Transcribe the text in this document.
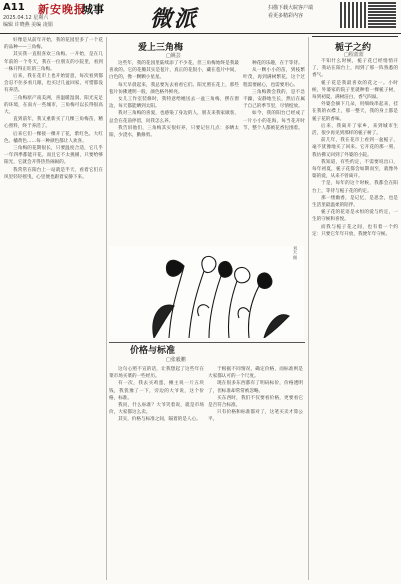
A11 新安晚报
城事
2025.04.12 星期六
编辑 许晓燕 美编 凌娟	微派	扫描下载大皖客户端
看更多精彩内容

好像是从前年开始，我的花园里多了一个花的品种——三角梅。

其实我一直很喜欢三角梅。一开始，是在几年前的一个冬天，我在一位朋友的小院里，看到一株开得正旺的三角梅。

后来，我在花市上也开始留意，每次看到都会忍不住多看几眼，也买过几盆回家，可惜都没有养活。

三角梅原产南美洲，喜温暖湿润、阳光充足的环境，在南方一些城市，三角梅可以长得很高大。

直到前年，我又重新买了几棵三角梅苗，精心照料，终于养活了。

后来它们一棵接一棵开了花，紫红色、大红色、橘黄色……每一种颜色都让人欢喜。

三角梅的花期很长，只要温度合适，它几乎一年四季都能开花。而且它不太挑剔，只要给够阳光，它就会开得热热闹闹的。

我常常在阳台上一站就是半天，看着它们在风里轻轻摇曳，心里便也跟着安静下来。

爱上三角梅
□姚芸

这些年，我的花园里陆续添了不少花，但三角梅始终是我最喜欢的。它的花瓣其实是苞片，真正的花很小，藏在苞片中间，白色的，像一颗颗小星星。

每天早晨起来，我总要先去看看它们。阳光照在花上，那些苞片仿佛透明一般，颜色格外鲜亮。

女儿工作室装修时，我特意给她送去一盆三角梅，摆在窗边，每天都能晒到太阳。

我对三角梅的喜爱，也感染了身边的人，朋友来我家做客，总会在花前停留，问我怎么养。

我告诉他们，三角梅其实很好养，只要记住几点：多晒太阳，少浇水，勤修剪。

种花的乐趣，在于等待。

从一颗小小的苗，到枝繁叶茂，再到满树繁花，这个过程需要耐心，也需要用心。

三角梅教会我的，是不急不躁，安静地生长，然后在属于自己的季节里，尽情绽放。

如今，我的阳台已经成了一片小小的花海，每当花开时节，整个人都被花香包围着。

刘天 摄
价格与标准
□张毅鹏

这句心照不宣的话，让我想起了这些年在菜市场买菜的一些经历。

有一次，我去买鸡蛋，摊主说一斤五块钱，我犹豫了一下，旁边的大爷说，这个价格，标准。

我问，什么标准？大爷笑着说，就是市场价，大家都这么卖。

其实，价格与标准之间，隔着的是人心。

于根据不同情况，确定价格，而标准则是大家都认可的一个尺度。

现在很多东西都有了明码标价，价格透明了，但标准却常常被忽略。

买东西时，我们不仅要看价格，更要看它是否符合标准。

只有价格和标准都对了，这笔买卖才算公平。

栀子之约
□程蓝蓝

不知什么时候，栀子花已经悄悄开了，我站在阳台上，闻到了那一阵熟悉的香气。

栀子花是我最喜欢的花之一。小时候，外婆家的院子里就种着一棵栀子树，每到初夏，满树洁白，香气四溢。

外婆会摘下几朵，用细线串起来，挂在我的衣襟上，那一整天，我的身上都是栀子花的香味。

后来，我离开了家乡，来到城市生活，很少再见到那样的栀子树了。

前几年，我在花市上看到一盆栀子，毫不犹豫地买了回来。它开花的那一刻，我仿佛又回到了外婆的小院。

我知道，有些约定，不需要说出口，每年初夏，栀子花都会如期而至，就像外婆的爱，从来不曾离开。

于是，每年的这个时候，我都会在阳台上，等待与栀子花的约定。

那一缕幽香，是记忆，是思念，也是生活里最温柔的陪伴。

栀子花的花语是永恒的爱与约定，一生的守候和喜悦。

而我与栀子花之间，也有着一个约定：只要它年年开放，我便年年守候。
